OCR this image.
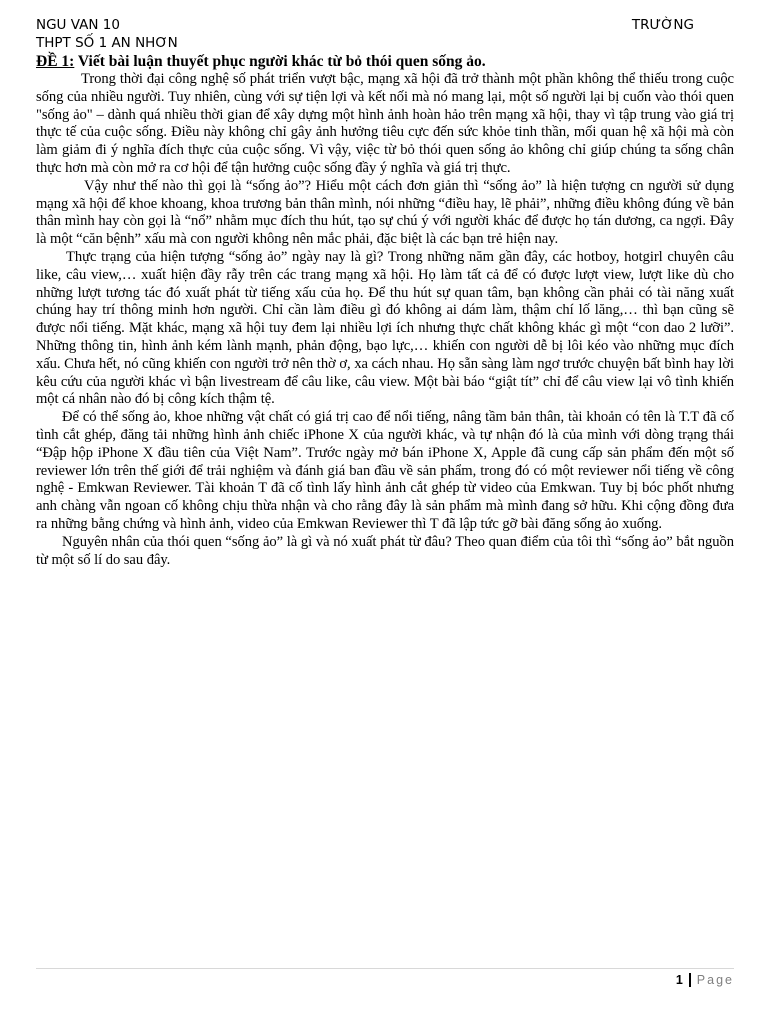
NGU VAN 10	TRƯỜNG
THPT SỐ 1 AN NHƠN

ĐỀ 1: Viết bài luận thuyết phục người khác từ bỏ thói quen sống ảo.

Trong thời đại công nghệ số phát triển vượt bậc, mạng xã hội đã trở thành một phần không thể thiếu trong cuộc sống của nhiều người. Tuy nhiên, cùng với sự tiện lợi và kết nối mà nó mang lại, một số người lại bị cuốn vào thói quen "sống ảo" – dành quá nhiều thời gian để xây dựng một hình ảnh hoàn hảo trên mạng xã hội, thay vì tập trung vào giá trị thực tế của cuộc sống. Điều này không chỉ gây ảnh hưởng tiêu cực đến sức khỏe tinh thần, mối quan hệ xã hội mà còn làm giảm đi ý nghĩa đích thực của cuộc sống. Vì vậy, việc từ bỏ thói quen sống ảo không chỉ giúp chúng ta sống chân thực hơn mà còn mở ra cơ hội để tận hưởng cuộc sống đầy ý nghĩa và giá trị thực.

Vậy như thế nào thì gọi là “sống ảo”? Hiểu một cách đơn giản thì “sống ảo” là hiện tượng cn người sử dụng mạng xã hội để khoe khoang, khoa trương bản thân mình, nói những “điều hay, lẽ phải”, những điều không đúng về bản thân mình hay còn gọi là “nổ” nhằm mục đích thu hút, tạo sự chú ý với người khác để được họ tán dương, ca ngợi. Đây là một “căn bệnh” xấu mà con người không nên mắc phải, đặc biệt là các bạn trẻ hiện nay.

Thực trạng của hiện tượng “sống ảo” ngày nay là gì? Trong những năm gần đây, các hotboy, hotgirl chuyên câu like, câu view,… xuất hiện đầy rẫy trên các trang mạng xã hội. Họ làm tất cả để có được lượt view, lượt like dù cho những lượt tương tác đó xuất phát từ tiếng xấu của họ. Để thu hút sự quan tâm, bạn không cần phải có tài năng xuất chúng hay trí thông minh hơn người. Chỉ cần làm điều gì đó không ai dám làm, thậm chí lố lăng,… thì bạn cũng sẽ được nổi tiếng. Mặt khác, mạng xã hội tuy đem lại nhiều lợi ích nhưng thực chất không khác gì một “con dao 2 lưỡi”. Những thông tin, hình ảnh kém lành mạnh, phản động, bạo lực,… khiến con người dễ bị lôi kéo vào những mục đích xấu. Chưa hết, nó cũng khiến con người trở nên thờ ơ, xa cách nhau. Họ sẵn sàng làm ngơ trước chuyện bất bình hay lời kêu cứu của người khác vì bận livestream để câu like, câu view. Một bài báo “giật tít” chỉ để câu view lại vô tình khiến một cá nhân nào đó bị công kích thậm tệ.

Để có thể sống ảo, khoe những vật chất có giá trị cao để nổi tiếng, nâng tầm bản thân, tài khoản có tên là T.T đã cố tình cắt ghép, đăng tải những hình ảnh chiếc iPhone X của người khác, và tự nhận đó là của mình với dòng trạng thái “Đập hộp iPhone X đầu tiên của Việt Nam”. Trước ngày mở bán iPhone X, Apple đã cung cấp sản phẩm đến một số reviewer lớn trên thế giới để trải nghiệm và đánh giá ban đầu về sản phẩm, trong đó có một reviewer nổi tiếng về công nghệ - Emkwan Reviewer. Tài khoản T đã cố tình lấy hình ảnh cắt ghép từ video của Emkwan. Tuy bị bóc phốt nhưng anh chàng vẫn ngoan cố không chịu thừa nhận và cho rằng đây là sản phẩm mà mình đang sở hữu. Khi cộng đồng đưa ra những bằng chứng và hình ảnh, video của Emkwan Reviewer thì T đã lập tức gỡ bài đăng sống ảo xuống.

Nguyên nhân của thói quen “sống ảo” là gì và nó xuất phát từ đâu? Theo quan điểm của tôi thì “sống ảo” bắt nguồn từ một số lí do sau đây.

1 Page
